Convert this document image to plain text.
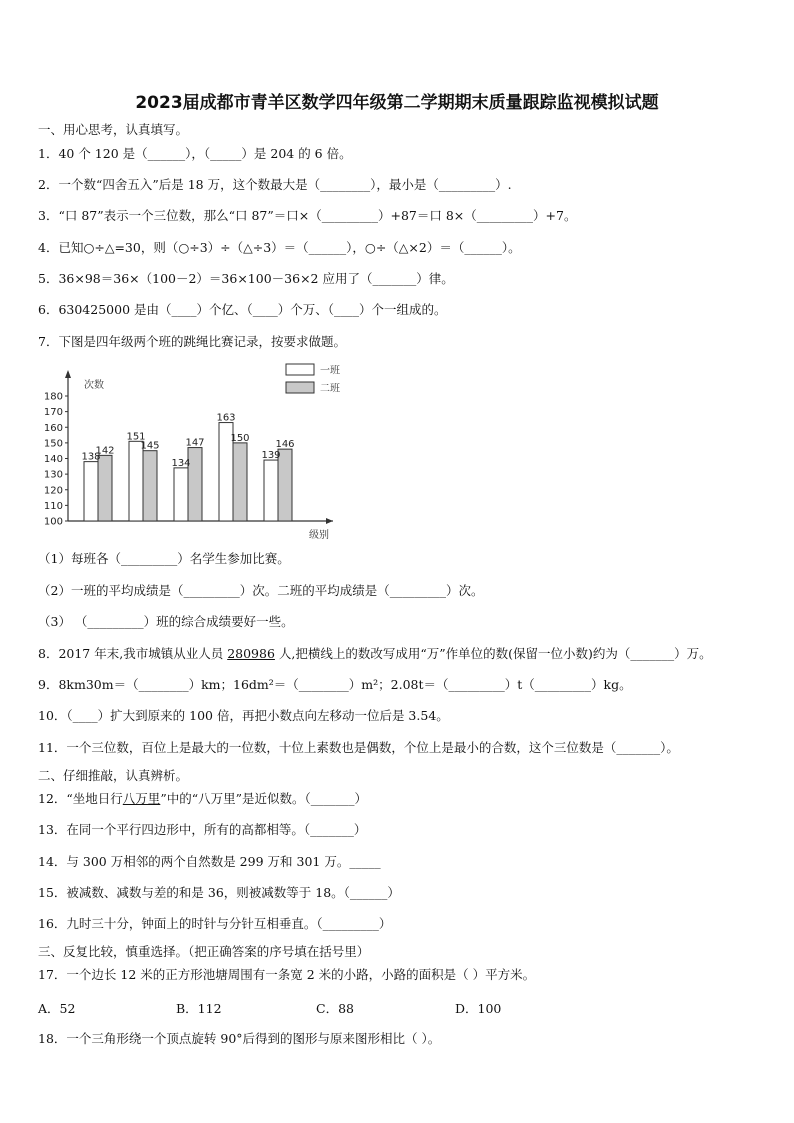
2023届成都市青羊区数学四年级第二学期期末质量跟踪监视模拟试题
一、用心思考，认真填写。
1．40 个 120 是（______），（_____）是 204 的 6 倍。
2．一个数“四舍五入”后是 18 万，这个数最大是（________），最小是（_________）.
3．“口 87”表示一个三位数，那么“口 87”＝口×（_________）+87＝口 8×（_________）+7。
4．已知○÷△=30，则（○÷3）÷（△÷3）＝（______），○÷（△×2）＝（______）。
5．36×98＝36×（100－2）＝36×100－36×2 应用了（_______）律。
6．630425000 是由（____）个亿、（____）个万、（____）个一组成的。
7．下图是四年级两个班的跳绳比赛记录，按要求做题。
次数
级别
138
142
151
145
134
147
163
150
139
146
100
110
120
130
140
150
160
170
180
一班
二班
（1）每班各（_________）名学生参加比赛。
（2）一班的平均成绩是（_________）次。二班的平均成绩是（_________）次。
（3） （_________）班的综合成绩要好一些。
8．2017 年末,我市城镇从业人员 280986 人,把横线上的数改写成用“万”作单位的数(保留一位小数)约为（_______）万。
9．8km30m＝（________）km；16dm²＝（________）m²；2.08t＝（_________）t（_________）kg。
10．（____）扩大到原来的 100 倍，再把小数点向左移动一位后是 3.54。
11．一个三位数，百位上是最大的一位数，十位上素数也是偶数，个位上是最小的合数，这个三位数是（_______）。
二、仔细推敲，认真辨析。
12．“坐地日行八万里”中的“八万里”是近似数。（_______）
13．在同一个平行四边形中，所有的高都相等。（_______）
14．与 300 万相邻的两个自然数是 299 万和 301 万。_____
15．被减数、减数与差的和是 36，则被减数等于 18。（______）
16．九时三十分，钟面上的时针与分针互相垂直。（_________）
三、反复比较，慎重选择。（把正确答案的序号填在括号里）
17．一个边长 12 米的正方形池塘周围有一条宽 2 米的小路，小路的面积是（ ）平方米。
A．52	B．112	C．88	D．100
18．一个三角形绕一个顶点旋转 90°后得到的图形与原来图形相比（ ）。
